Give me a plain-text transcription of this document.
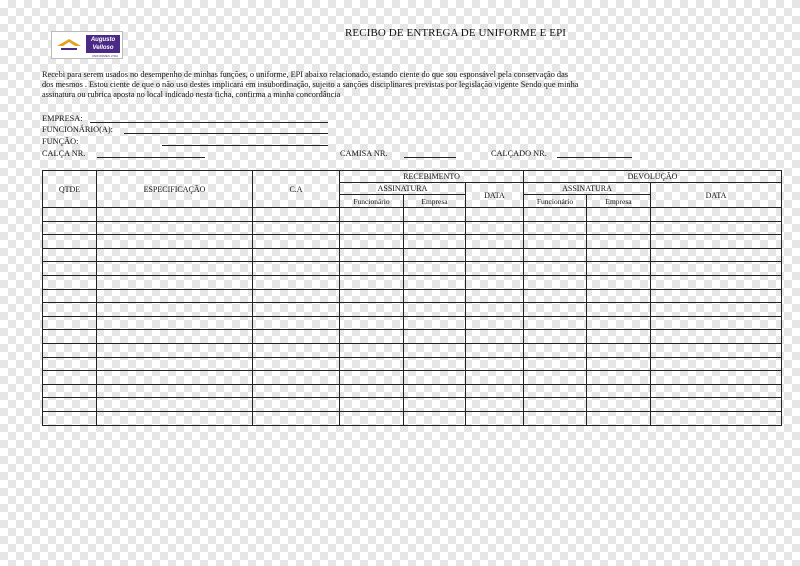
Augusto Velloso
UNIFORMES LTDA
RECIBO DE ENTREGA DE UNIFORME E EPI
Recebi para serem usados no desempenho de minhas funções, o uniforme, EPI abaixo relacionado, estando ciente do que sou esponsável pela conservação das
dos mesmos . Estou ciente de que o não uso destes implicará em insubordinação, sujeito a sanções disciplinares previstas por legislação vigente Sendo que minha
assinatura ou rubrica aposta no local indicado nesta ficha, confirma a minha concordância
EMPRESA:
FUNCIONÁRIO(A):
FUNÇÃO:
CALÇA NR.	CAMISA NR.	CALÇADO NR.
QTDE	ESPECIFICAÇÃO	C.A	RECEBIMENTO			DEVOLUÇÃO		
			ASSINATURA		DATA	ASSINATURA		DATA
			Funcionário	Empresa		Funcionário	Empresa	
